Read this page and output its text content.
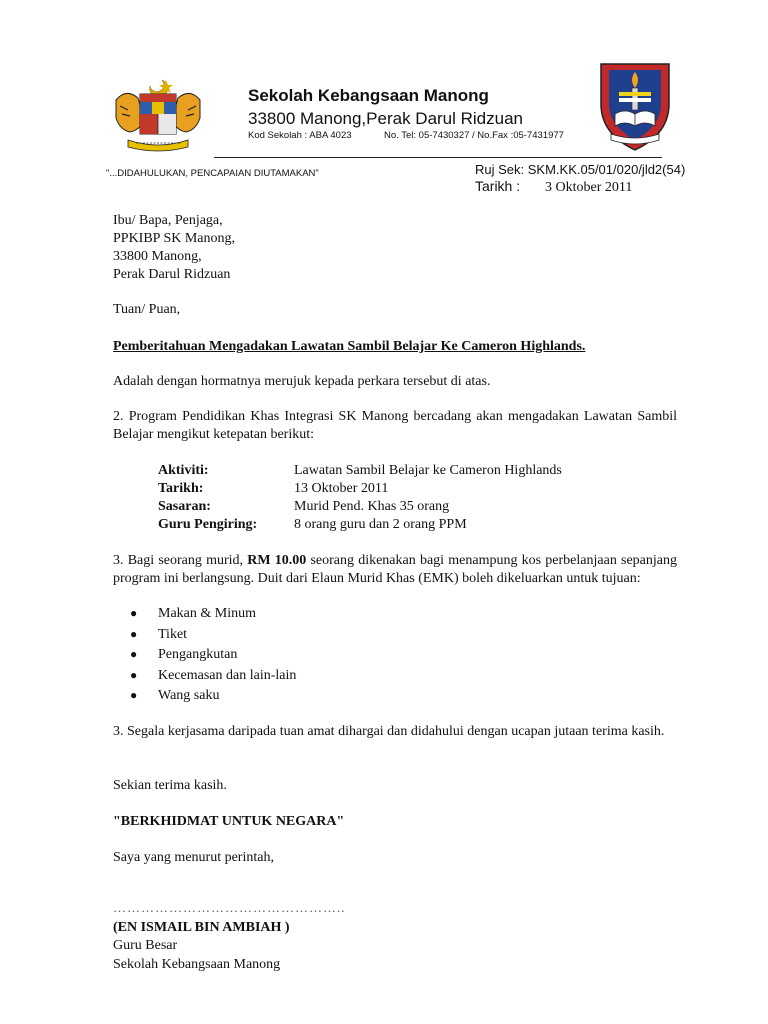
Sekolah Kebangsaan Manong
33800 Manong,Perak Darul Ridzuan
Kod Sekolah : ABA 4023	No. Tel: 05-7430327 / No.Fax :05-7431977
"...DIDAHULUKAN, PENCAPAIAN DIUTAMAKAN"	Ruj Sek: SKM.KK.05/01/020/jld2(54)
Tarikh : 3 Oktober 2011
Ibu/ Bapa, Penjaga,
PPKIBP SK Manong,
33800 Manong,
Perak Darul Ridzuan
Tuan/ Puan,
Pemberitahuan Mengadakan Lawatan Sambil Belajar Ke Cameron Highlands.
Adalah dengan hormatnya merujuk kepada perkara tersebut di atas.
2. Program Pendidikan Khas Integrasi SK Manong bercadang akan mengadakan Lawatan Sambil Belajar mengikut ketepatan berikut:
Aktiviti:	Lawatan Sambil Belajar ke Cameron Highlands
Tarikh:	13 Oktober 2011
Sasaran:	Murid Pend. Khas 35 orang
Guru Pengiring:	8 orang guru dan 2 orang PPM
3. Bagi seorang murid, RM 10.00 seorang dikenakan bagi menampung kos perbelanjaan sepanjang program ini berlangsung. Duit dari Elaun Murid Khas (EMK) boleh dikeluarkan untuk tujuan:
● Makan & Minum
● Tiket
● Pengangkutan
● Kecemasan dan lain-lain
● Wang saku
3. Segala kerjasama daripada tuan amat dihargai dan didahului dengan ucapan jutaan terima kasih.
Sekian terima kasih.
"BERKHIDMAT UNTUK NEGARA"
Saya yang menurut perintah,
…………………………………………..
(EN ISMAIL BIN AMBIAH )
Guru Besar
Sekolah Kebangsaan Manong
